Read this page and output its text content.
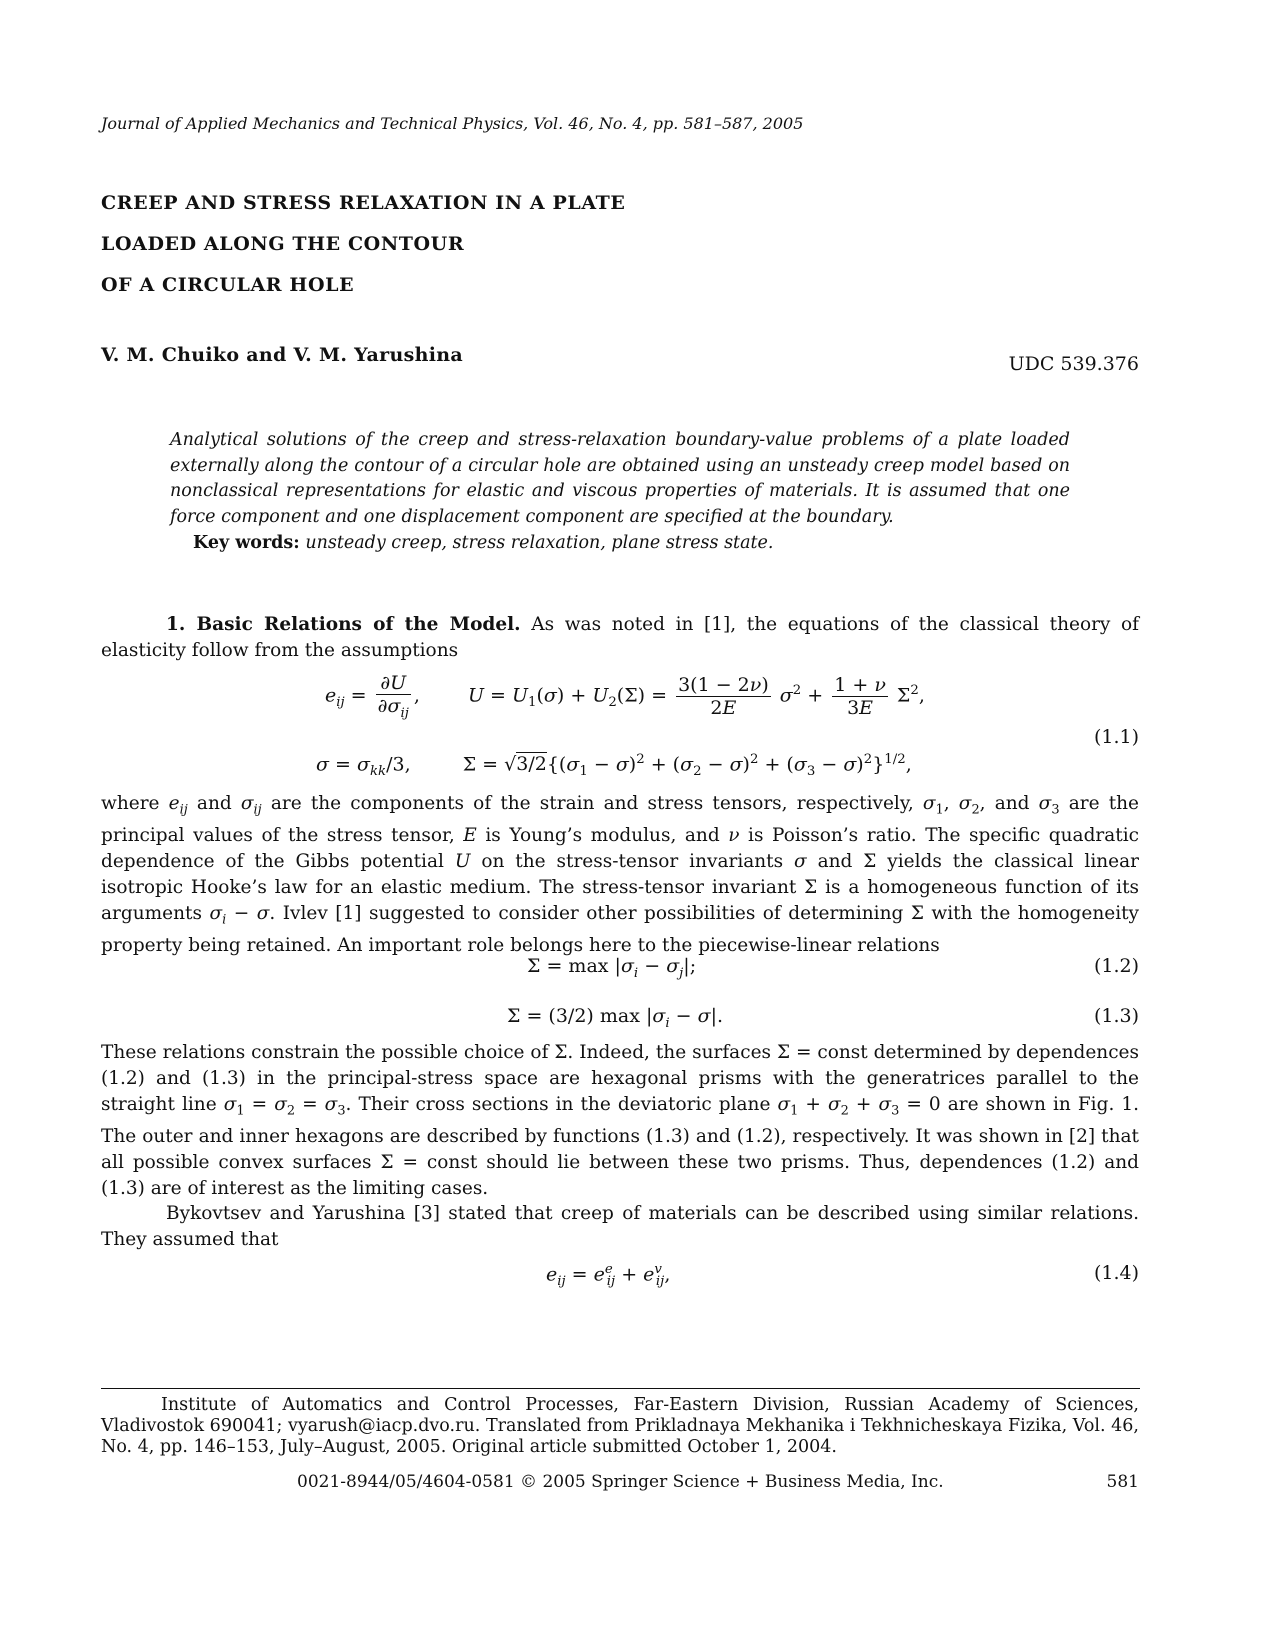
Journal of Applied Mechanics and Technical Physics, Vol. 46, No. 4, pp. 581–587, 2005
CREEP AND STRESS RELAXATION IN A PLATE
LOADED ALONG THE CONTOUR
OF A CIRCULAR HOLE
V. M. Chuiko and V. M. Yarushina	UDC 539.376

Analytical solutions of the creep and stress-relaxation boundary-value problems of a plate loaded externally along the contour of a circular hole are obtained using an unsteady creep model based on nonclassical representations for elastic and viscous properties of materials. It is assumed that one force component and one displacement component are specified at the boundary.

Key words: unsteady creep, stress relaxation, plane stress state.

1. Basic Relations of the Model. As was noted in [1], the equations of the classical theory of elasticity follow from the assumptions

$e_{ij} = \frac{\partial U}{\partial\sigma_{ij}}$ ,  $U = U_1(\sigma) + U_2(\Sigma) = \frac{3(1 - 2\nu)}{2E} \sigma^2 + \frac{1 + \nu}{3E} \Sigma^2$,
$\sigma = \sigma_{kk}/3$,  $\Sigma = √3/2\{(\sigma_1 - \sigma)^2 + (\sigma_2 - \sigma)^2 + (\sigma_3 - \sigma)^2\}^{1/2}$,
(1.1)

where $e_{ij}$ and $\sigma_{ij}$ are the components of the strain and stress tensors, respectively, $\sigma_1$, $\sigma_2$, and $\sigma_3$ are the principal values of the stress tensor, E is Young’s modulus, and ν is Poisson’s ratio. The specific quadratic dependence of the Gibbs potential U on the stress-tensor invariants σ and Σ yields the classical linear isotropic Hooke’s law for an elastic medium. The stress-tensor invariant Σ is a homogeneous function of its arguments $\sigma_i - \sigma$. Ivlev [1] suggested to consider other possibilities of determining Σ with the homogeneity property being retained. An important role belongs here to the piecewise-linear relations

$\Sigma = \max |\sigma_i - \sigma_j|$;	(1.2)
Σ = (3/2) $\max |\sigma_i - \sigma|$.	(1.3)

These relations constrain the possible choice of Σ. Indeed, the surfaces Σ = const determined by dependences (1.2) and (1.3) in the principal-stress space are hexagonal prisms with the generatrices parallel to the straight line $\sigma_1 = \sigma_2 = \sigma_3$. Their cross sections in the deviatoric plane $\sigma_1 + \sigma_2 + \sigma_3 = 0$ are shown in Fig. 1. The outer and inner hexagons are described by functions (1.3) and (1.2), respectively. It was shown in [2] that all possible convex surfaces Σ = const should lie between these two prisms. Thus, dependences (1.2) and (1.3) are of interest as the limiting cases.

Bykovtsev and Yarushina [3] stated that creep of materials can be described using similar relations. They assumed that

$e_{ij} = e^e_{ij} + e^v_{ij}$,	(1.4)

Institute of Automatics and Control Processes, Far-Eastern Division, Russian Academy of Sciences, Vladivostok 690041; vyarush@iacp.dvo.ru. Translated from Prikladnaya Mekhanika i Tekhnicheskaya Fizika, Vol. 46, No. 4, pp. 146–153, July–August, 2005. Original article submitted October 1, 2004.

0021-8944/05/4604-0581 © 2005 Springer Science + Business Media, Inc.	581
